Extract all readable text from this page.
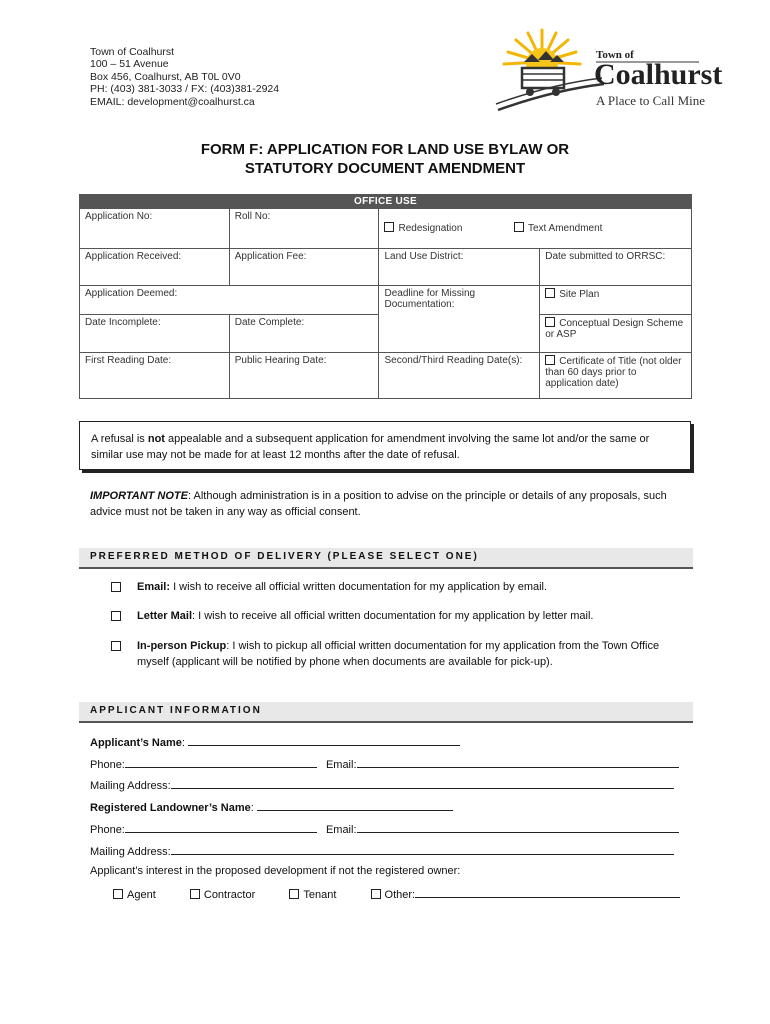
Town of Coalhurst
100 – 51 Avenue
Box 456, Coalhurst, AB T0L 0V0
PH: (403) 381-3033 / FX: (403)381-2924
EMAIL: development@coalhurst.ca
Town of
Coalhurst
A Place to Call Mine
FORM F: APPLICATION FOR LAND USE BYLAW OR
STATUTORY DOCUMENT AMENDMENT
OFFICE USE			
Application No:	Roll No:	Redesignation Text Amendment	

Application Received:	Application Fee:	Land Use District:	Date submitted to ORRSC:
Application Deemed:		Deadline for Missing Documentation:	Site Plan
Date Incomplete:	Date Complete:		Conceptual Design Scheme or ASP
First Reading Date:	Public Hearing Date:	Second/Third Reading Date(s):	Certificate of Title (not older than 60 days prior to application date)

A refusal is not appealable and a subsequent application for amendment involving the same lot and/or the same or similar use may not be made for at least 12 months after the date of refusal.

IMPORTANT NOTE: Although administration is in a position to advise on the principle or details of any proposals, such advice must not be taken in any way as official consent.
PREFERRED METHOD OF DELIVERY (PLEASE SELECT ONE)
Email: I wish to receive all official written documentation for my application by email.
Letter Mail: I wish to receive all official written documentation for my application by letter mail.
In-person Pickup: I wish to pickup all official written documentation for my application from the Town Office myself (applicant will be notified by phone when documents are available for pick-up).
APPLICANT INFORMATION
Applicant’s Name:
Phone:	Email:
Mailing Address:
Registered Landowner’s Name:
Phone:	Email:
Mailing Address:
Applicant’s interest in the proposed development if not the registered owner:
Agent	Contractor	Tenant	Other:
